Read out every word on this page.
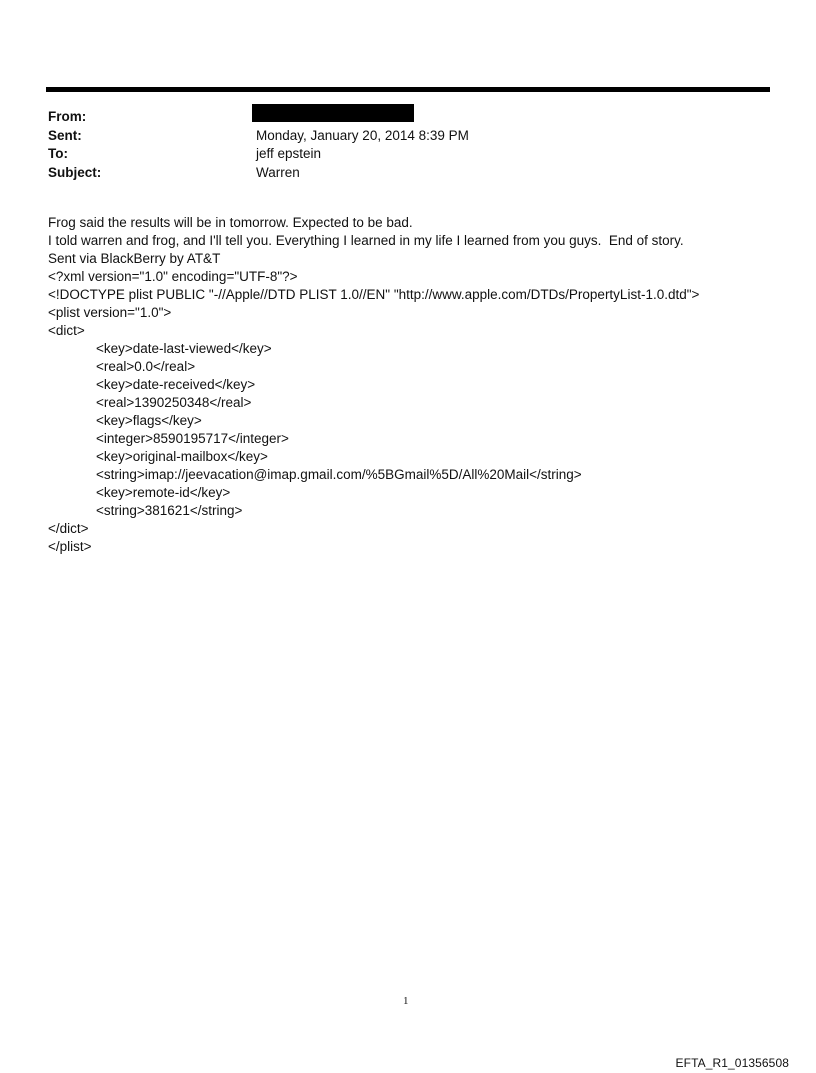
From:
Sent:	Monday, January 20, 2014 8:39 PM
To:	jeff epstein
Subject:	Warren
Frog said the results will be in tomorrow. Expected to be bad.
I told warren and frog, and I'll tell you. Everything I learned in my life I learned from you guys.  End of story.
Sent via BlackBerry by AT&T
<?xml version="1.0" encoding="UTF-8"?>
<!DOCTYPE plist PUBLIC "-//Apple//DTD PLIST 1.0//EN" "http://www.apple.com/DTDs/PropertyList-1.0.dtd">
<plist version="1.0">
<dict>
<key>date-last-viewed</key>
<real>0.0</real>
<key>date-received</key>
<real>1390250348</real>
<key>flags</key>
<integer>8590195717</integer>
<key>original-mailbox</key>
<string>imap://jeevacation@imap.gmail.com/%5BGmail%5D/All%20Mail</string>
<key>remote-id</key>
<string>381621</string>
</dict>
</plist>
1
EFTA_R1_01356508
